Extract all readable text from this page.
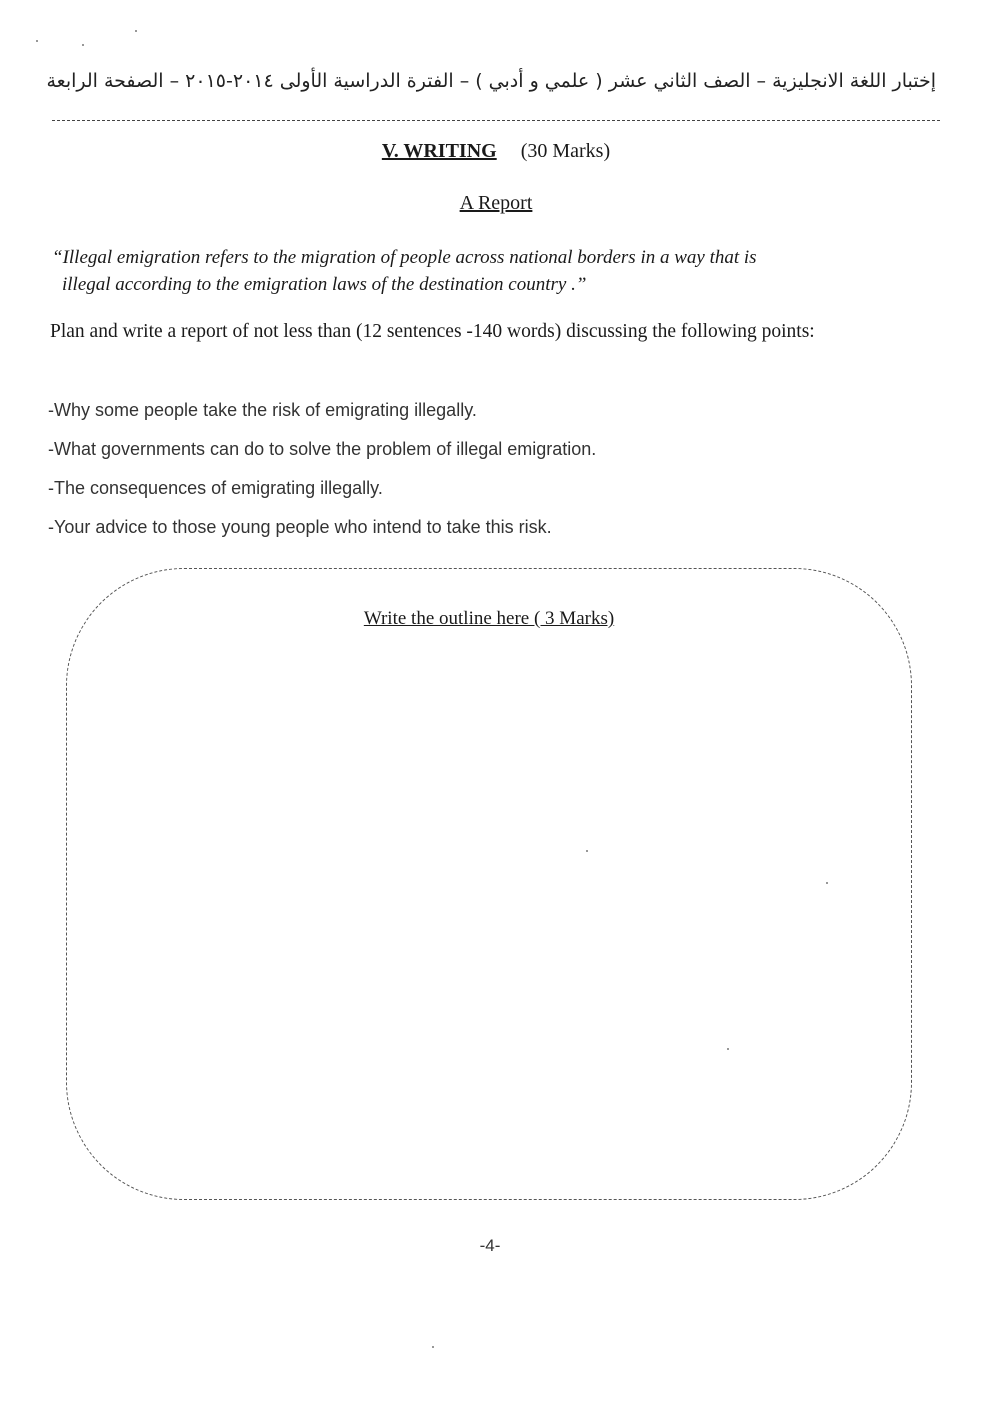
إختبار اللغة الانجليزية – الصف الثاني عشر ( علمي و أدبي ) – الفترة الدراسية الأولى ٢٠١٤-٢٠١٥ – الصفحة الرابعة
V. WRITING (30 Marks)
A Report
“Illegal emigration refers to the migration of people across national borders in a way that is
illegal according to the emigration laws of the destination country .”
Plan and write a report of not less than (12 sentences -140 words) discussing the following points:
-Why some people take the risk of emigrating illegally.
-What governments can do to solve the problem of illegal emigration.
-The consequences of emigrating illegally.
-Your advice to those young people who intend to take this risk.
Write the outline here ( 3 Marks)
-4-
